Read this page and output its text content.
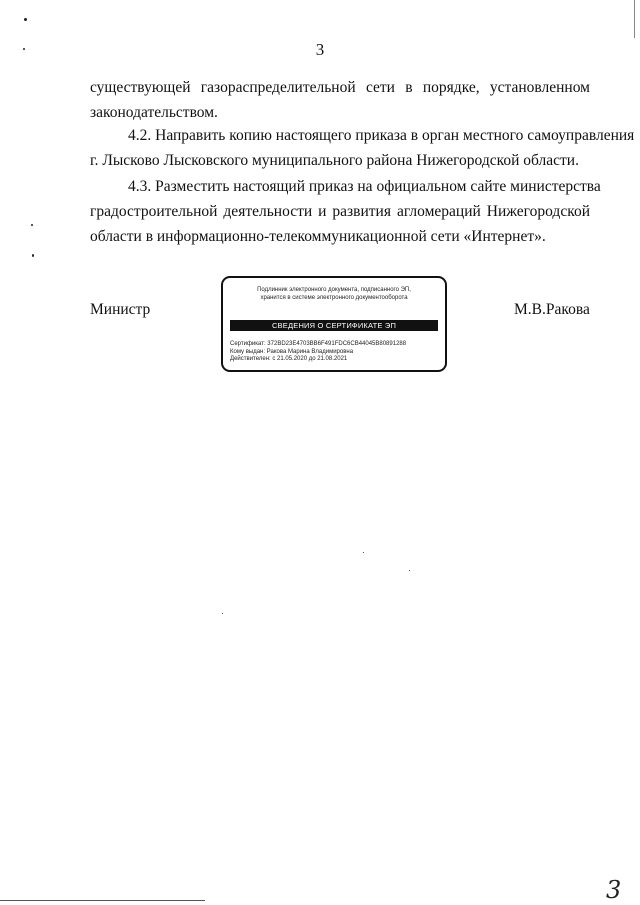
3
существующей газораспределительной сети в порядке, установленном
законодательством.
4.2. Направить копию настоящего приказа в орган местного самоуправления
г. Лысково Лысковского муниципального района Нижегородской области.
4.3. Разместить настоящий приказ на официальном сайте министерства
градостроительной деятельности и развития агломераций Нижегородской
области в информационно-телекоммуникационной сети «Интернет».
Министр	М.В.Ракова
Подлинник электронного документа, подписанного ЭП,
хранится в системе электронного документооборота
СВЕДЕНИЯ О СЕРТИФИКАТЕ ЭП
Сертификат: 372BD23E4703BB6F491FDC6CB44045B80891288
Кому выдан: Ракова Марина Владимировна
Действителен: с 21.05.2020 до 21.08.2021
3
